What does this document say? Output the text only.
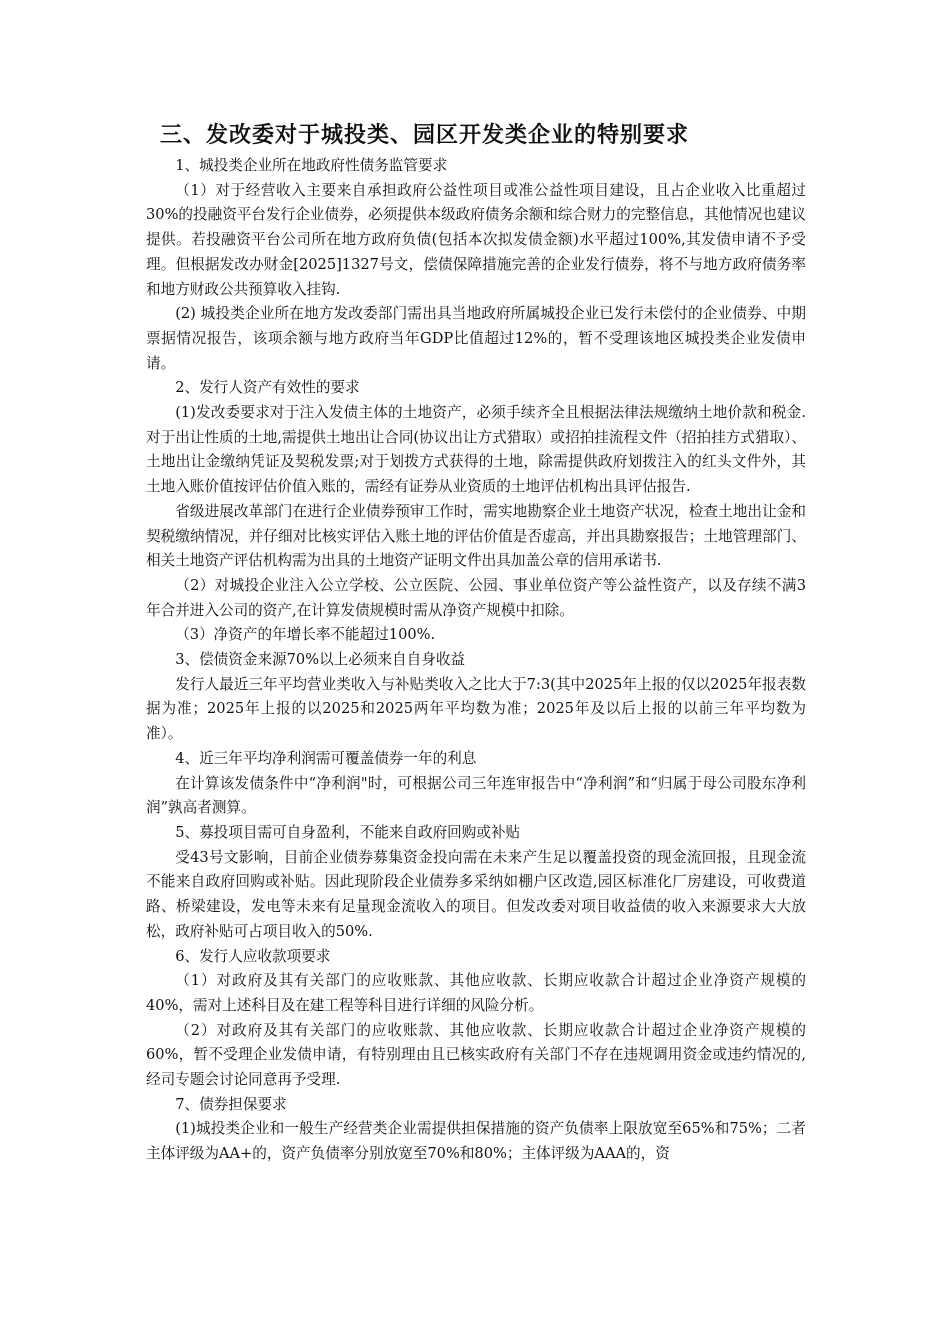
三、发改委对于城投类、园区开发类企业的特别要求

1、城投类企业所在地政府性债务监管要求

（1）对于经营收入主要来自承担政府公益性项目或准公益性项目建设，且占企业收入比重超过30%的投融资平台发行企业债券，必须提供本级政府债务余额和综合财力的完整信息，其他情况也建议提供。若投融资平台公司所在地方政府负债(包括本次拟发债金额)水平超过100%,其发债申请不予受理。但根据发改办财金[2025]1327号文，偿债保障措施完善的企业发行债券，将不与地方政府债务率和地方财政公共预算收入挂钩.

(2) 城投类企业所在地方发改委部门需出具当地政府所属城投企业已发行未偿付的企业债券、中期票据情况报告，该项余额与地方政府当年GDP比值超过12%的，暂不受理该地区城投类企业发债申请。

2、发行人资产有效性的要求

(1)发改委要求对于注入发债主体的土地资产，必须手续齐全且根据法律法规缴纳土地价款和税金.对于出让性质的土地,需提供土地出让合同(协议出让方式猎取）或招拍挂流程文件（招拍挂方式猎取）、土地出让金缴纳凭证及契税发票;对于划拨方式获得的土地，除需提供政府划拨注入的红头文件外，其土地入账价值按评估价值入账的，需经有证券从业资质的土地评估机构出具评估报告.

省级进展改革部门在进行企业债券预审工作时，需实地勘察企业土地资产状况，检查土地出让金和契税缴纳情况，并仔细对比核实评估入账土地的评估价值是否虚高，并出具勘察报告；土地管理部门、相关土地资产评估机构需为出具的土地资产证明文件出具加盖公章的信用承诺书.

（2）对城投企业注入公立学校、公立医院、公园、事业单位资产等公益性资产，以及存续不满3年合并进入公司的资产,在计算发债规模时需从净资产规模中扣除。

（3）净资产的年增长率不能超过100%.

3、偿债资金来源70%以上必须来自自身收益

发行人最近三年平均营业类收入与补贴类收入之比大于7:3(其中2025年上报的仅以2025年报表数据为准；2025年上报的以2025和2025两年平均数为准；2025年及以后上报的以前三年平均数为准）。

4、近三年平均净利润需可覆盖债券一年的利息

在计算该发债条件中“净利润"时，可根据公司三年连审报告中“净利润”和“归属于母公司股东净利润”孰高者测算。

5、募投项目需可自身盈利，不能来自政府回购或补贴

受43号文影响，目前企业债券募集资金投向需在未来产生足以覆盖投资的现金流回报，且现金流不能来自政府回购或补贴。因此现阶段企业债券多采纳如棚户区改造,园区标准化厂房建设，可收费道路、桥梁建设，发电等未来有足量现金流收入的项目。但发改委对项目收益债的收入来源要求大大放松，政府补贴可占项目收入的50%.

6、发行人应收款项要求

（1）对政府及其有关部门的应收账款、其他应收款、长期应收款合计超过企业净资产规模的40%，需对上述科目及在建工程等科目进行详细的风险分析。

（2）对政府及其有关部门的应收账款、其他应收款、长期应收款合计超过企业净资产规模的60%，暂不受理企业发债申请，有特别理由且已核实政府有关部门不存在违规调用资金或违约情况的,经司专题会讨论同意再予受理.

7、债券担保要求

(1)城投类企业和一般生产经营类企业需提供担保措施的资产负债率上限放宽至65%和75%；二者主体评级为AA+的，资产负债率分别放宽至70%和80%；主体评级为AAA的，资
